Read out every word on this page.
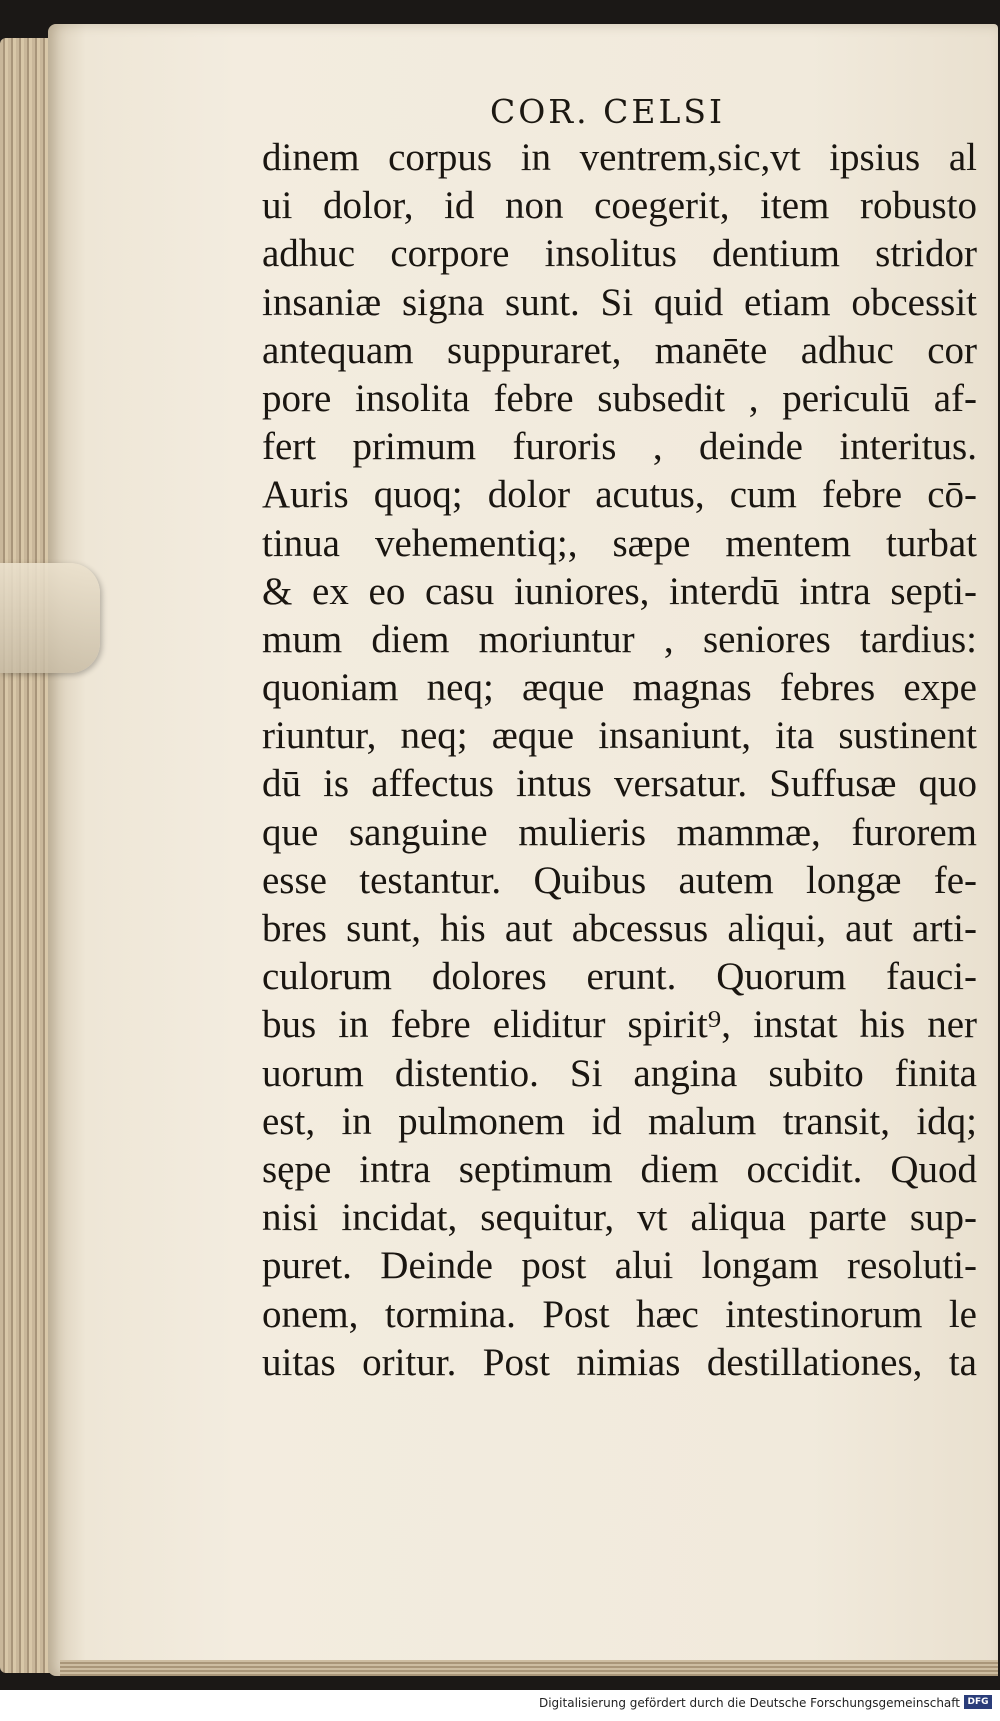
COR. CELSI
dinem corpus in ventrem,sic,vt ipsius al
ui dolor, id non coegerit, item robusto
adhuc corpore insolitus dentium stridor
insaniæ signa sunt. Si quid etiam obcessit
antequam suppuraret, manēte adhuc cor
pore insolita febre subsedit , periculū af-
fert primum furoris , deinde interitus.
Auris quoq; dolor acutus, cum febre cō-
tinua vehementiq;, sæpe mentem turbat
& ex eo casu iuniores, interdū intra septi-
mum diem moriuntur , seniores tardius:
quoniam neq; æque magnas febres expe
riuntur, neq; æque insaniunt, ita sustinent
dū is affectus intus versatur. Suffusæ quo
que sanguine mulieris mammæ, furorem
esse testantur. Quibus autem longæ fe-
bres sunt, his aut abcessus aliqui, aut arti-
culorum dolores erunt. Quorum fauci-
bus in febre eliditur spirit⁹, instat his ner
uorum distentio. Si angina subito finita
est, in pulmonem id malum transit, idq;
sępe intra septimum diem occidit. Quod
nisi incidat, sequitur, vt aliqua parte sup-
puret. Deinde post alui longam resoluti-
onem, tormina. Post hæc intestinorum le
uitas oritur. Post nimias destillationes, ta
Digitalisierung gefördert durch die Deutsche Forschungsgemeinschaft DFG
